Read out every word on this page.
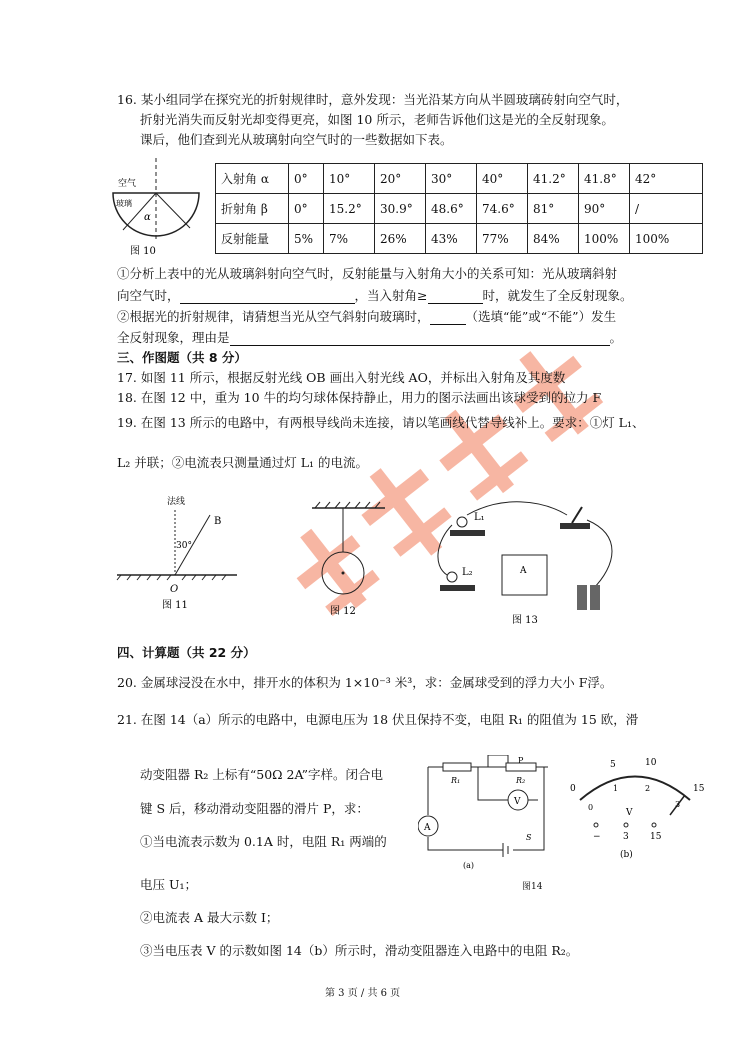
16. 某小组同学在探究光的折射规律时，意外发现：当光沿某方向从半圆玻璃砖射向空气时，
折射光消失而反射光却变得更亮，如图 10 所示，老师告诉他们这是光的全反射现象。
课后，他们查到光从玻璃射向空气时的一些数据如下表。
空气
玻璃
α
图 10
入射角 α	0°	10°	20°	30°	40°	41.2°	41.8°	42°
折射角 β	0°	15.2°	30.9°	48.6°	74.6°	81°	90°	/
反射能量	5%	7%	26%	43%	77%	84%	100%	100%
①分析上表中的光从玻璃斜射向空气时，反射能量与入射角大小的关系可知：光从玻璃斜射
向空气时，	，当入射角≥	时，就发生了全反射现象。
②根据光的折射规律，请猜想当光从空气斜射向玻璃时，	（选填“能”或“不能”）发生
全反射现象，理由是	。
三、作图题（共 8 分）
17. 如图 11 所示，根据反射光线 OB 画出入射光线 AO，并标出入射角及其度数
18. 在图 12 中，重为 10 牛的均匀球体保持静止，用力的图示法画出该球受到的拉力 F
19. 在图 13 所示的电路中，有两根导线尚未连接，请以笔画线代替导线补上。要求：①灯 L₁、
L₂ 并联；②电流表只测量通过灯 L₁ 的电流。
法线
B
30°
O
图 11
图 12
L₁
L₂	A
图 13
四、计算题（共 22 分）
20. 金属球浸没在水中，排开水的体积为 1×10⁻³ 米³，求：金属球受到的浮力大小 F浮。
21. 在图 14（a）所示的电路中，电源电压为 18 伏且保持不变，电阻 R₁ 的阻值为 15 欧，滑
动变阻器 R₂ 上标有“50Ω 2A”字样。闭合电
键 S 后，移动滑动变阻器的滑片 P，求：
①当电流表示数为 0.1A 时，电阻 R₁ 两端的
电压 U₁；
②电流表 A 最大示数 I；
③当电压表 V 的示数如图 14（b）所示时，滑动变阻器连入电路中的电阻 R₂。
A
V
R₁	R₂
P
S
(a)
图14
0
5	10
15
0
1	2
3
V
− 3 15
(b)
第 3 页 / 共 6 页
